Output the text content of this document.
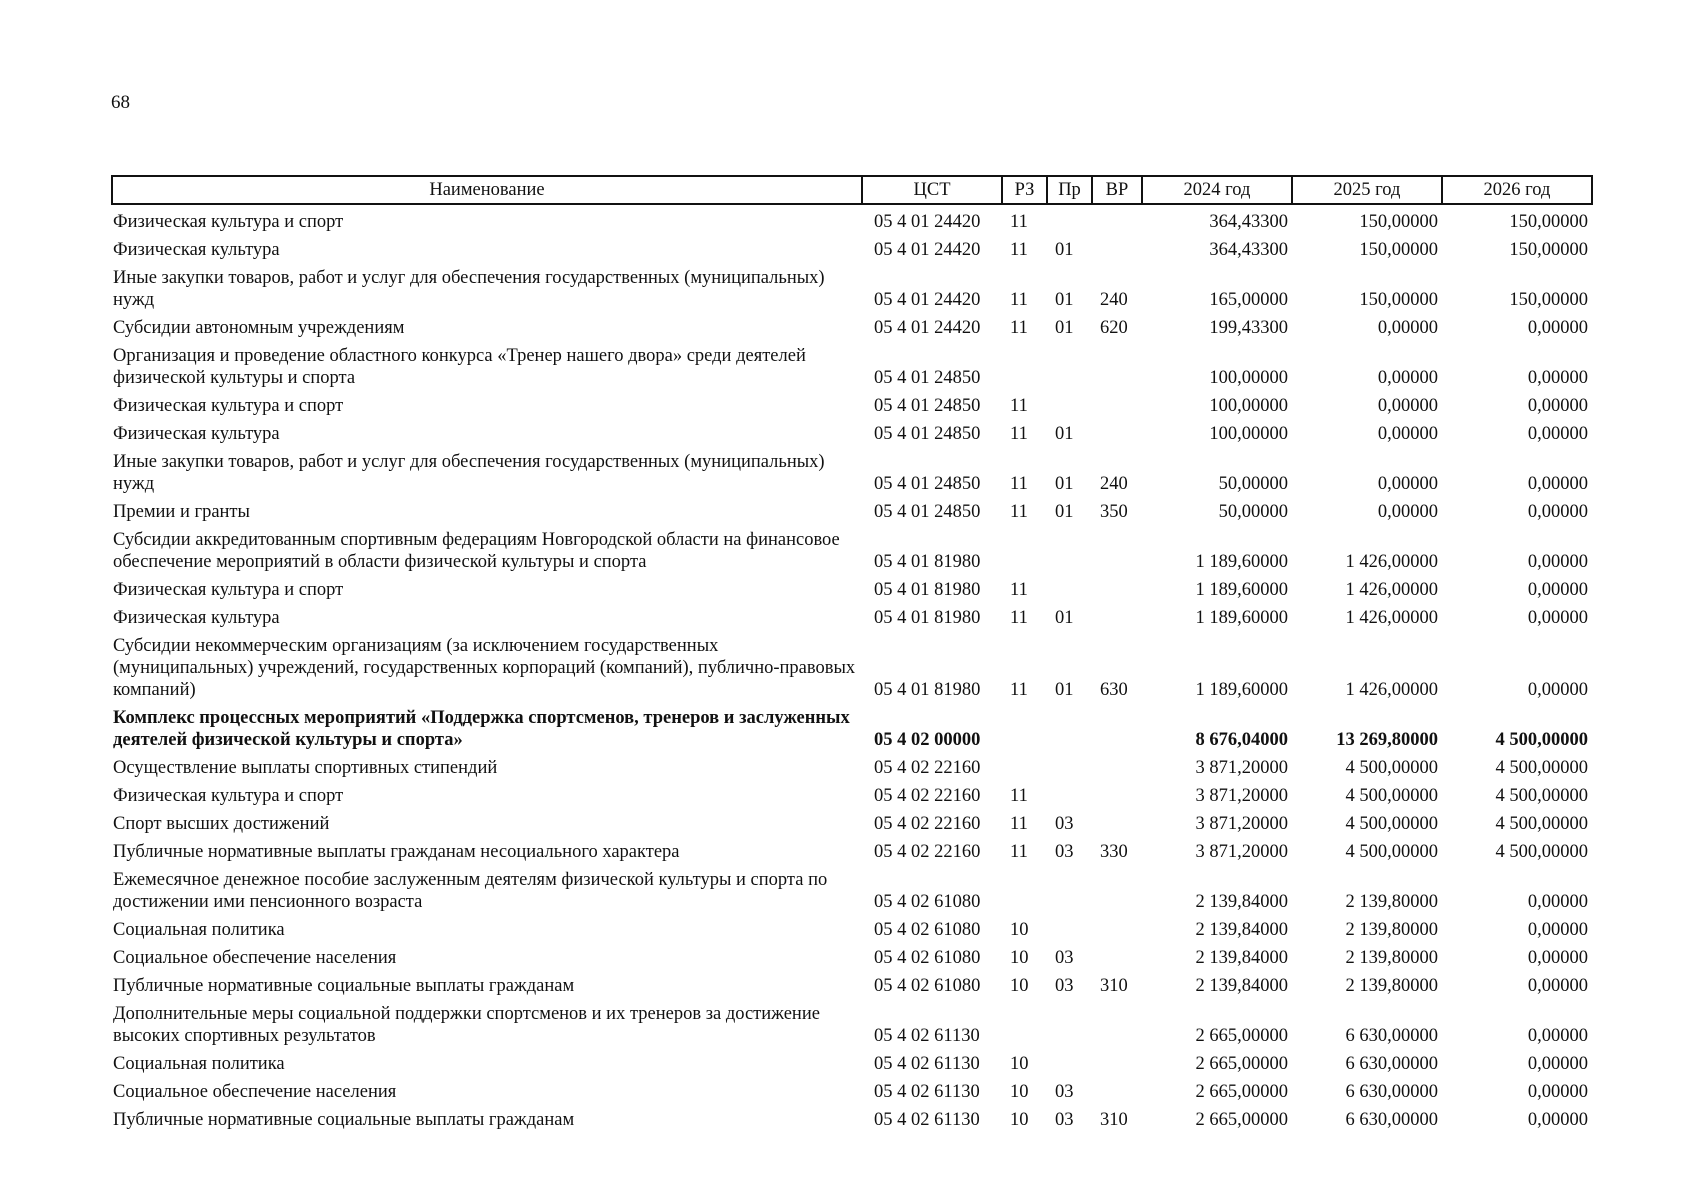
68
Наименование	ЦСТ	РЗ	Пр	ВР	2024 год	2025 год	2026 год
Физическая культура и спорт	05 4 01 24420	11			364,43300	150,00000	150,00000
Физическая культура	05 4 01 24420	11	01		364,43300	150,00000	150,00000
Иные закупки товаров, работ и услуг для обеспечения государственных (муниципальных) нужд	05 4 01 24420	11	01	240	165,00000	150,00000	150,00000
Субсидии автономным учреждениям	05 4 01 24420	11	01	620	199,43300	0,00000	0,00000
Организация и проведение областного конкурса «Тренер нашего двора» среди деятелей физической культуры и спорта	05 4 01 24850				100,00000	0,00000	0,00000
Физическая культура и спорт	05 4 01 24850	11			100,00000	0,00000	0,00000
Физическая культура	05 4 01 24850	11	01		100,00000	0,00000	0,00000
Иные закупки товаров, работ и услуг для обеспечения государственных (муниципальных) нужд	05 4 01 24850	11	01	240	50,00000	0,00000	0,00000
Премии и гранты	05 4 01 24850	11	01	350	50,00000	0,00000	0,00000
Субсидии аккредитованным спортивным федерациям Новгородской области на финансовое обеспечение мероприятий в области физической культуры и спорта	05 4 01 81980				1 189,60000	1 426,00000	0,00000
Физическая культура и спорт	05 4 01 81980	11			1 189,60000	1 426,00000	0,00000
Физическая культура	05 4 01 81980	11	01		1 189,60000	1 426,00000	0,00000
Субсидии некоммерческим организациям (за исключением государственных (муниципальных) учреждений, государственных корпораций (компаний), публично-правовых компаний)	05 4 01 81980	11	01	630	1 189,60000	1 426,00000	0,00000
Комплекс процессных мероприятий «Поддержка спортсменов, тренеров и заслуженных деятелей физической культуры и спорта»	05 4 02 00000				8 676,04000	13 269,80000	4 500,00000
Осуществление выплаты спортивных стипендий	05 4 02 22160				3 871,20000	4 500,00000	4 500,00000
Физическая культура и спорт	05 4 02 22160	11			3 871,20000	4 500,00000	4 500,00000
Спорт высших достижений	05 4 02 22160	11	03		3 871,20000	4 500,00000	4 500,00000
Публичные нормативные выплаты гражданам несоциального характера	05 4 02 22160	11	03	330	3 871,20000	4 500,00000	4 500,00000
Ежемесячное денежное пособие заслуженным деятелям физической культуры и спорта по достижении ими пенсионного возраста	05 4 02 61080				2 139,84000	2 139,80000	0,00000
Социальная политика	05 4 02 61080	10			2 139,84000	2 139,80000	0,00000
Социальное обеспечение населения	05 4 02 61080	10	03		2 139,84000	2 139,80000	0,00000
Публичные нормативные социальные выплаты гражданам	05 4 02 61080	10	03	310	2 139,84000	2 139,80000	0,00000
Дополнительные меры социальной поддержки спортсменов и их тренеров за достижение высоких спортивных результатов	05 4 02 61130				2 665,00000	6 630,00000	0,00000
Социальная политика	05 4 02 61130	10			2 665,00000	6 630,00000	0,00000
Социальное обеспечение населения	05 4 02 61130	10	03		2 665,00000	6 630,00000	0,00000
Публичные нормативные социальные выплаты гражданам	05 4 02 61130	10	03	310	2 665,00000	6 630,00000	0,00000
